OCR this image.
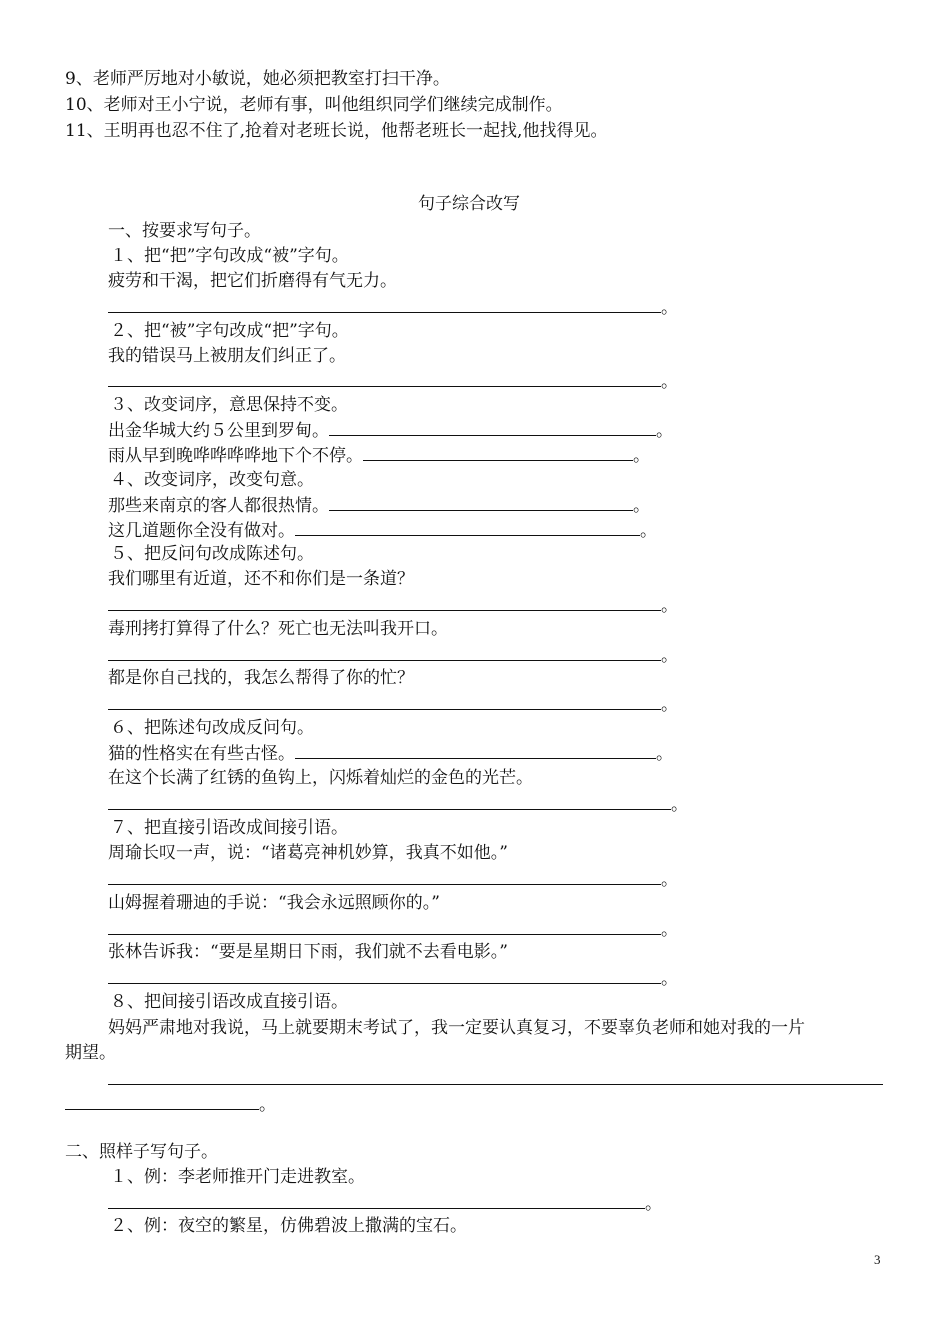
9、老师严厉地对小敏说，她必须把教室打扫干净。
10、老师对王小宁说，老师有事，叫他组织同学们继续完成制作。
11、王明再也忍不住了,抢着对老班长说，他帮老班长一起找,他找得见。
句子综合改写
一、按要求写句子。
１、把“把”字句改成“被”字句。
疲劳和干渴，把它们折磨得有气无力。
。
２、把“被”字句改成“把”字句。
我的错误马上被朋友们纠正了。
。
３、改变词序，意思保持不变。
出金华城大约５公里到罗甸。	。
雨从早到晚哗哗哗哗地下个不停。	。
４、改变词序，改变句意。
那些来南京的客人都很热情。	。
这几道题你全没有做对。	。
５、把反问句改成陈述句。
我们哪里有近道，还不和你们是一条道？
。
毒刑拷打算得了什么？死亡也无法叫我开口。
。
都是你自己找的，我怎么帮得了你的忙？
。
６、把陈述句改成反问句。
猫的性格实在有些古怪。	。
在这个长满了红锈的鱼钩上，闪烁着灿烂的金色的光芒。
。
７、把直接引语改成间接引语。
周瑜长叹一声，说：“诸葛亮神机妙算，我真不如他。”
。
山姆握着珊迪的手说：“我会永远照顾你的。”
。
张林告诉我：“要是星期日下雨，我们就不去看电影。”
。
８、把间接引语改成直接引语。
妈妈严肃地对我说，马上就要期末考试了，我一定要认真复习，不要辜负老师和她对我的一片
期望。
。
二、照样子写句子。
１、例：李老师推开门走进教室。
。
２、例：夜空的繁星，仿佛碧波上撒满的宝石。
3
